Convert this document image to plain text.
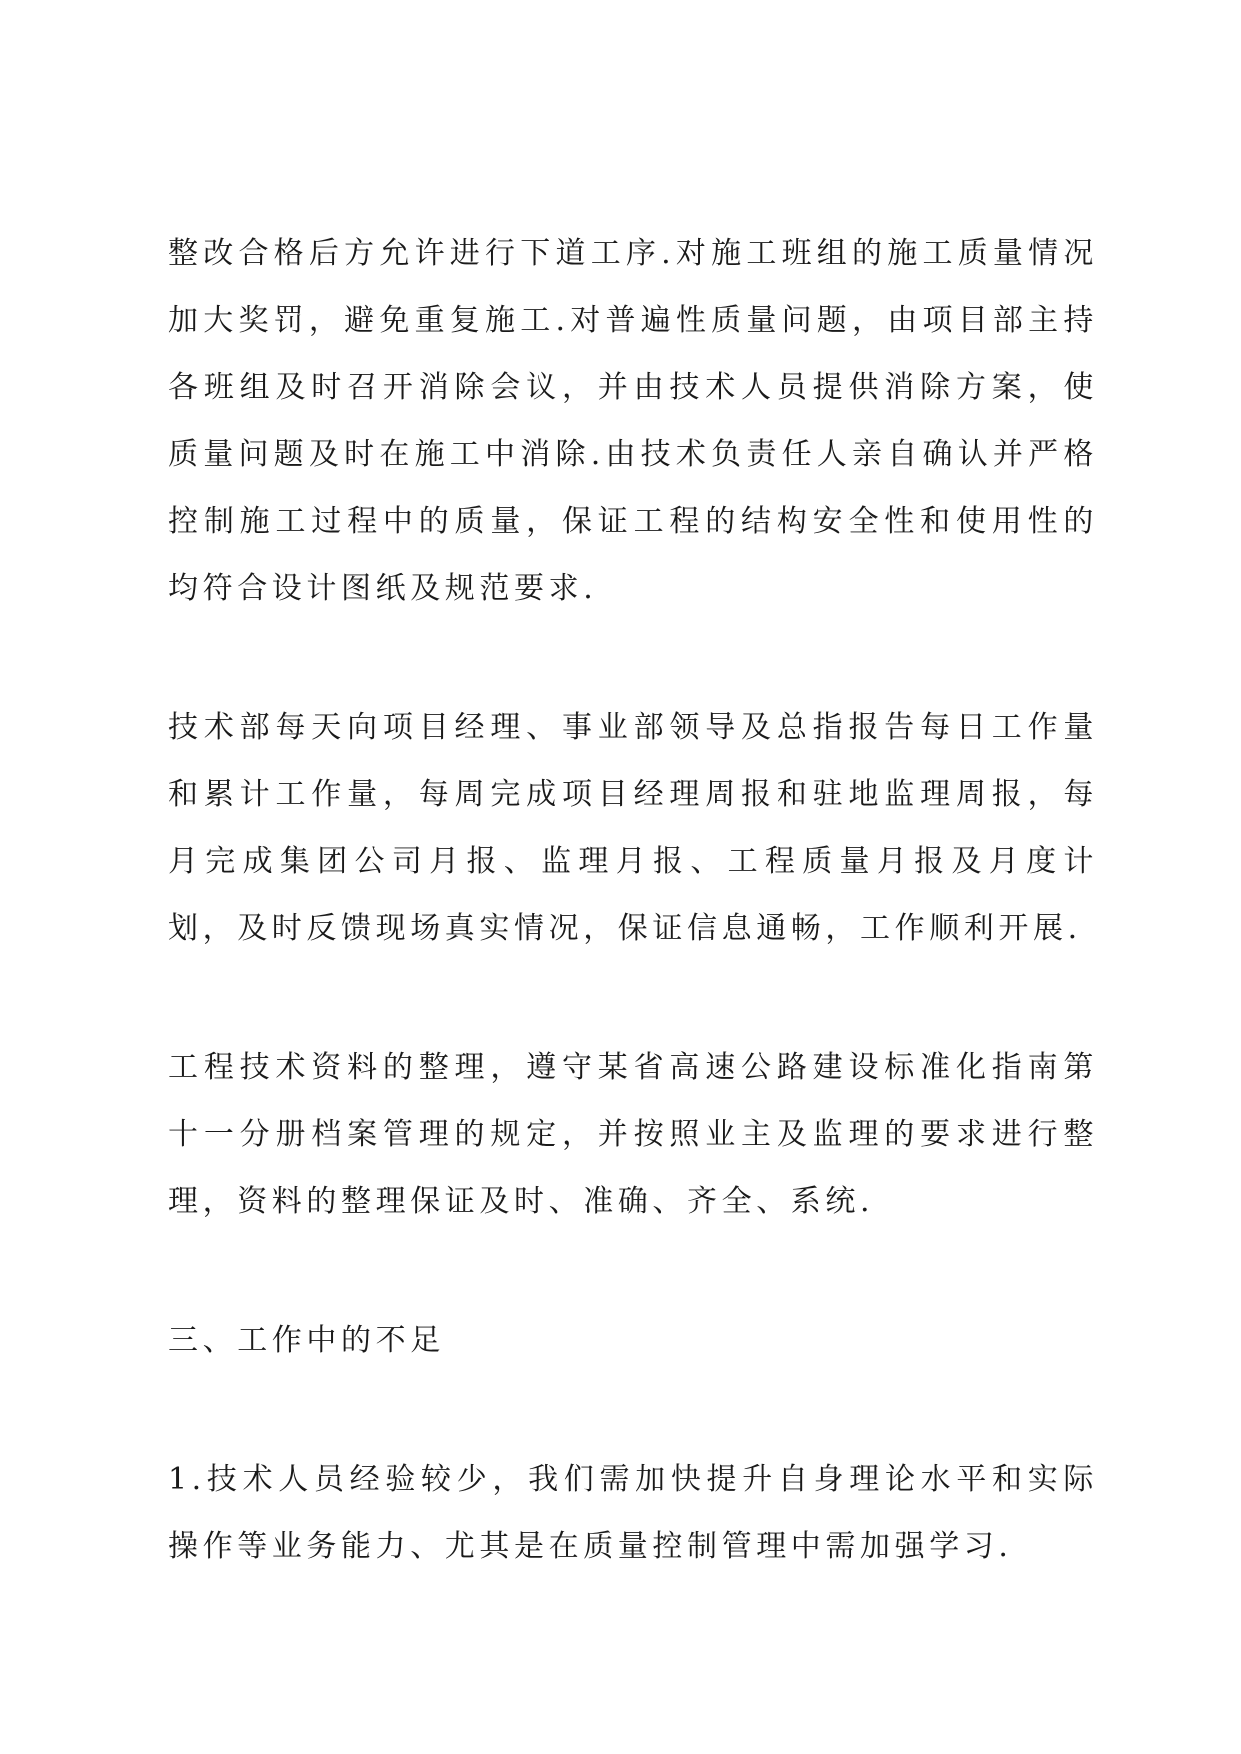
整改合格后方允许进行下道工序.对施工班组的施工质量情况加大奖罚，避免重复施工.对普遍性质量问题，由项目部主持各班组及时召开消除会议，并由技术人员提供消除方案，使质量问题及时在施工中消除.由技术负责任人亲自确认并严格控制施工过程中的质量，保证工程的结构安全性和使用性的均符合设计图纸及规范要求.

技术部每天向项目经理、事业部领导及总指报告每日工作量和累计工作量，每周完成项目经理周报和驻地监理周报，每月完成集团公司月报、监理月报、工程质量月报及月度计划，及时反馈现场真实情况，保证信息通畅，工作顺利开展.

工程技术资料的整理，遵守某省高速公路建设标准化指南第十一分册档案管理的规定，并按照业主及监理的要求进行整理，资料的整理保证及时、准确、齐全、系统.

三、工作中的不足

1.技术人员经验较少，我们需加快提升自身理论水平和实际操作等业务能力、尤其是在质量控制管理中需加强学习.
